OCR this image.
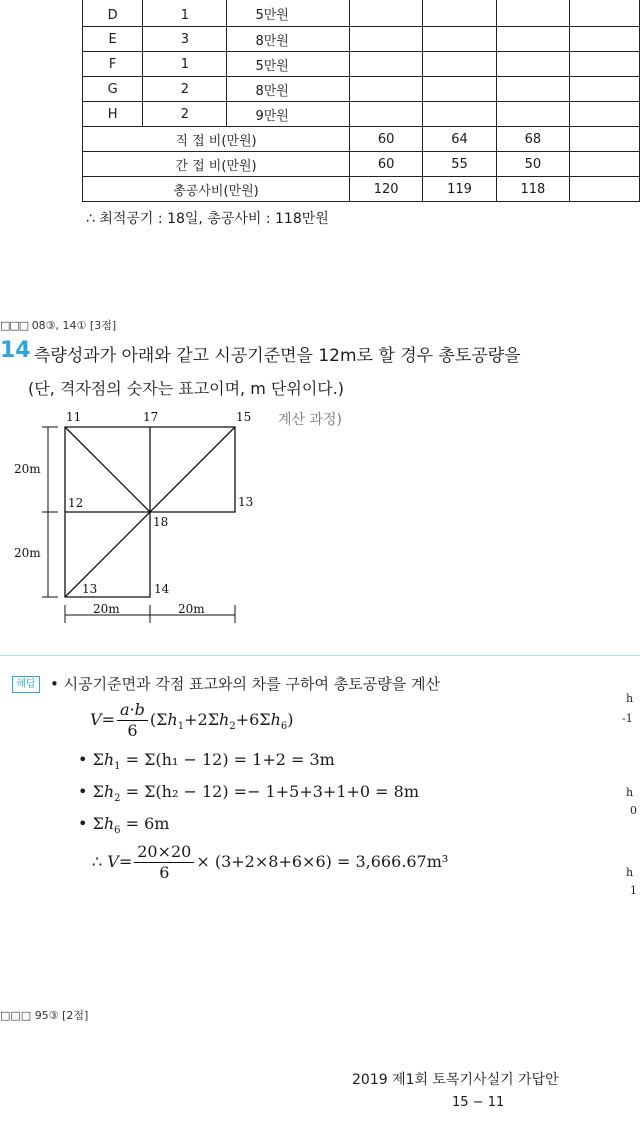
D	1	5만원				
E	3	8만원				
F	1	5만원				
G	2	8만원				
H	2	9만원				
직 접 비(만원)			60	64	68	
간 접 비(만원)			60	55	50	
총공사비(만원)			120	119	118	
∴ 최적공기 : 18일, 총공사비 : 118만원
□□□ 08③, 14① [3점]
14 측량성과가 아래와 같고 시공기준면을 12m로 할 경우 총토공량을
(단, 격자점의 숫자는 표고이며, m 단위이다.)
계산 과정)
11	17	15
12
18
13
13	14
20m
20m
20m	20m
해답 • 시공기준면과 각점 표고와의 차를 구하여 총토공량을 계산
$V= \frac{a\cdot b}{6} (\Sigma h_1+2\Sigma h_2+6\Sigma h_6)$
• $\Sigma h_1 = \Sigma(h_1 - 12) = 1+2 = 3m$
• $\Sigma h_2 = \Sigma(h_2 - 12) =- 1+5+3+1+0 = 8m$
• $\Sigma h_6 = 6m$
∴ $V= \frac{20\times 20}{6} \times (3+2\times 8+6\times 6) = 3,666.67m^3$
h
-1
h
0
h
1
□□□ 95③ [2점]
2019 제1회 토목기사실기 가답안
15 − 11
